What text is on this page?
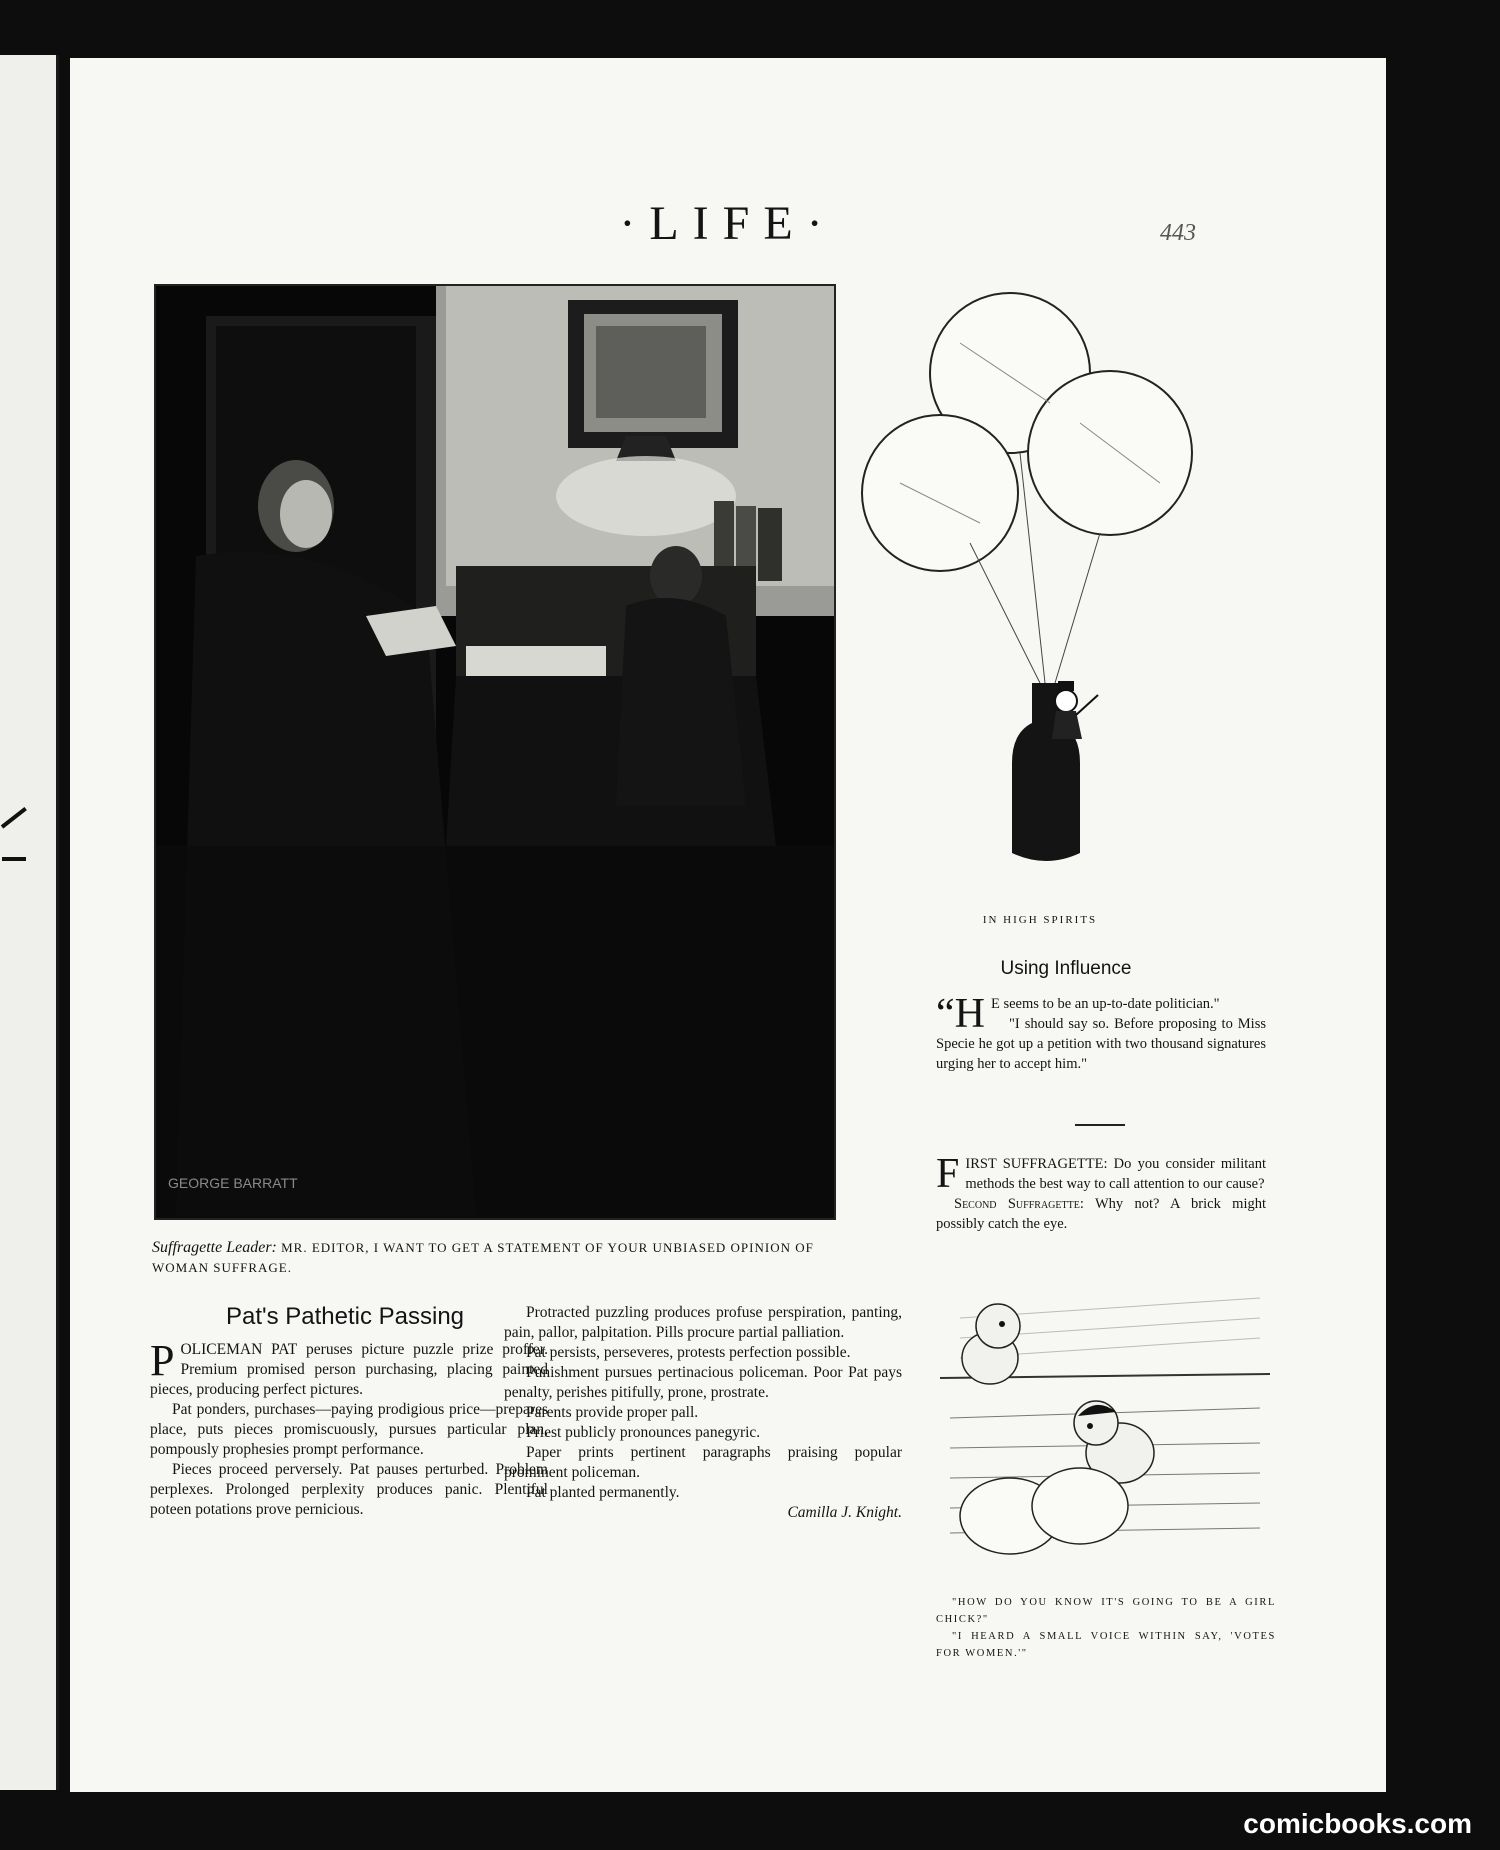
·LIFE·	443
GEORGE BARRATT
Suffragette Leader: MR. EDITOR, I WANT TO GET A STATEMENT OF YOUR UNBIASED OPINION OF WOMAN SUFFRAGE.
Pat's Pathetic Passing

POLICEMAN PAT peruses picture puzzle prize proffer. Premium promised person purchasing, placing painted pieces, producing perfect pictures.

Pat ponders, purchases—paying prodigious price—prepares place, puts pieces promiscuously, pursues particular plan, pompously prophesies prompt performance.

Pieces proceed perversely. Pat pauses perturbed. Problem perplexes. Prolonged perplexity produces panic. Plentiful poteen potations prove pernicious.

Protracted puzzling produces profuse perspiration, panting, pain, pallor, palpitation. Pills procure partial palliation.

Pat persists, perseveres, protests perfection possible.

Punishment pursues pertinacious policeman. Poor Pat pays penalty, perishes pitifully, prone, prostrate.

Parents provide proper pall.

Priest publicly pronounces panegyric.

Paper prints pertinent paragraphs praising popular prominent policeman.

Pat planted permanently.

Camilla J. Knight.

IN HIGH SPIRITS
Using Influence

“H E seems to be an up-to-date politician."

"I should say so. Before proposing to Miss Specie he got up a petition with two thousand signatures urging her to accept him."

FIRST SUFFRAGETTE: Do you consider militant methods the best way to call attention to our cause?

Second Suffragette: Why not? A brick might possibly catch the eye.

"HOW DO YOU KNOW IT'S GOING TO BE A GIRL CHICK?"

"I HEARD A SMALL VOICE WITHIN SAY, 'VOTES FOR WOMEN.'"

comicbooks.com
